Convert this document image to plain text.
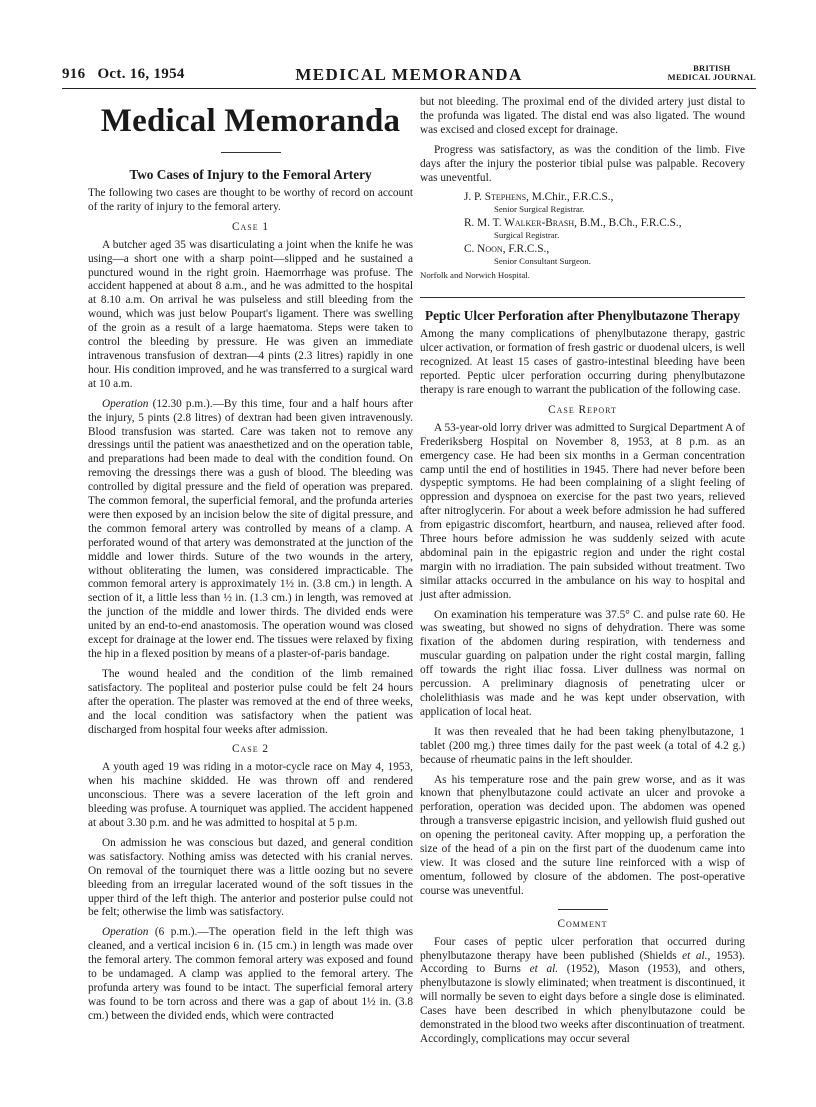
916 Oct. 16, 1954	MEDICAL MEMORANDA	BRITISH
MEDICAL JOURNAL
Medical Memoranda
Two Cases of Injury to the Femoral Artery

The following two cases are thought to be worthy of record on account of the rarity of injury to the femoral artery.

Case 1

A butcher aged 35 was disarticulating a joint when the knife he was using—a short one with a sharp point—slipped and he sustained a punctured wound in the right groin. Haemorrhage was profuse. The accident happened at about 8 a.m., and he was admitted to the hospital at 8.10 a.m. On arrival he was pulseless and still bleeding from the wound, which was just below Poupart's ligament. There was swelling of the groin as a result of a large haematoma. Steps were taken to control the bleeding by pressure. He was given an immediate intravenous transfusion of dextran—4 pints (2.3 litres) rapidly in one hour. His condition improved, and he was transferred to a surgical ward at 10 a.m.

Operation (12.30 p.m.).—By this time, four and a half hours after the injury, 5 pints (2.8 litres) of dextran had been given intravenously. Blood transfusion was started. Care was taken not to remove any dressings until the patient was anaesthetized and on the operation table, and preparations had been made to deal with the condition found. On removing the dressings there was a gush of blood. The bleeding was controlled by digital pressure and the field of operation was prepared. The common femoral, the superficial femoral, and the profunda arteries were then exposed by an incision below the site of digital pressure, and the common femoral artery was controlled by means of a clamp. A perforated wound of that artery was demonstrated at the junction of the middle and lower thirds. Suture of the two wounds in the artery, without obliterating the lumen, was considered impracticable. The common femoral artery is approximately 1½ in. (3.8 cm.) in length. A section of it, a little less than ½ in. (1.3 cm.) in length, was removed at the junction of the middle and lower thirds. The divided ends were united by an end-to-end anastomosis. The operation wound was closed except for drainage at the lower end. The tissues were relaxed by fixing the hip in a flexed position by means of a plaster-of-paris bandage.

The wound healed and the condition of the limb remained satisfactory. The popliteal and posterior pulse could be felt 24 hours after the operation. The plaster was removed at the end of three weeks, and the local condition was satisfactory when the patient was discharged from hospital four weeks after admission.

Case 2

A youth aged 19 was riding in a motor-cycle race on May 4, 1953, when his machine skidded. He was thrown off and rendered unconscious. There was a severe laceration of the left groin and bleeding was profuse. A tourniquet was applied. The accident happened at about 3.30 p.m. and he was admitted to hospital at 5 p.m.

On admission he was conscious but dazed, and general condition was satisfactory. Nothing amiss was detected with his cranial nerves. On removal of the tourniquet there was a little oozing but no severe bleeding from an irregular lacerated wound of the soft tissues in the upper third of the left thigh. The anterior and posterior pulse could not be felt; otherwise the limb was satisfactory.

Operation (6 p.m.).—The operation field in the left thigh was cleaned, and a vertical incision 6 in. (15 cm.) in length was made over the femoral artery. The common femoral artery was exposed and found to be undamaged. A clamp was applied to the femoral artery. The profunda artery was found to be intact. The superficial femoral artery was found to be torn across and there was a gap of about 1½ in. (3.8 cm.) between the divided ends, which were contracted

but not bleeding. The proximal end of the divided artery just distal to the profunda was ligated. The distal end was also ligated. The wound was excised and closed except for drainage.

Progress was satisfactory, as was the condition of the limb. Five days after the injury the posterior tibial pulse was palpable. Recovery was uneventful.

J. P. Stephens, M.Chir., F.R.C.S.,
Senior Surgical Registrar.
R. M. T. Walker-Brash, B.M., B.Ch., F.R.C.S.,
Surgical Registrar.
C. Noon, F.R.C.S.,
Senior Consultant Surgeon.
Norfolk and Norwich Hospital.
Peptic Ulcer Perforation after Phenylbutazone Therapy

Among the many complications of phenylbutazone therapy, gastric ulcer activation, or formation of fresh gastric or duodenal ulcers, is well recognized. At least 15 cases of gastro-intestinal bleeding have been reported. Peptic ulcer perforation occurring during phenylbutazone therapy is rare enough to warrant the publication of the following case.

Case Report

A 53-year-old lorry driver was admitted to Surgical Department A of Frederiksberg Hospital on November 8, 1953, at 8 p.m. as an emergency case. He had been six months in a German concentration camp until the end of hostilities in 1945. There had never before been dyspeptic symptoms. He had been complaining of a slight feeling of oppression and dyspnoea on exercise for the past two years, relieved after nitroglycerin. For about a week before admission he had suffered from epigastric discomfort, heartburn, and nausea, relieved after food. Three hours before admission he was suddenly seized with acute abdominal pain in the epigastric region and under the right costal margin with no irradiation. The pain subsided without treatment. Two similar attacks occurred in the ambulance on his way to hospital and just after admission.

On examination his temperature was 37.5° C. and pulse rate 60. He was sweating, but showed no signs of dehydration. There was some fixation of the abdomen during respiration, with tenderness and muscular guarding on palpation under the right costal margin, falling off towards the right iliac fossa. Liver dullness was normal on percussion. A preliminary diagnosis of penetrating ulcer or cholelithiasis was made and he was kept under observation, with application of local heat.

It was then revealed that he had been taking phenylbutazone, 1 tablet (200 mg.) three times daily for the past week (a total of 4.2 g.) because of rheumatic pains in the left shoulder.

As his temperature rose and the pain grew worse, and as it was known that phenylbutazone could activate an ulcer and provoke a perforation, operation was decided upon. The abdomen was opened through a transverse epigastric incision, and yellowish fluid gushed out on opening the peritoneal cavity. After mopping up, a perforation the size of the head of a pin on the first part of the duodenum came into view. It was closed and the suture line reinforced with a wisp of omentum, followed by closure of the abdomen. The post-operative course was uneventful.

Comment

Four cases of peptic ulcer perforation that occurred during phenylbutazone therapy have been published (Shields et al., 1953). According to Burns et al. (1952), Mason (1953), and others, phenylbutazone is slowly eliminated; when treatment is discontinued, it will normally be seven to eight days before a single dose is eliminated. Cases have been described in which phenylbutazone could be demonstrated in the blood two weeks after discontinuation of treatment. Accordingly, complications may occur several
